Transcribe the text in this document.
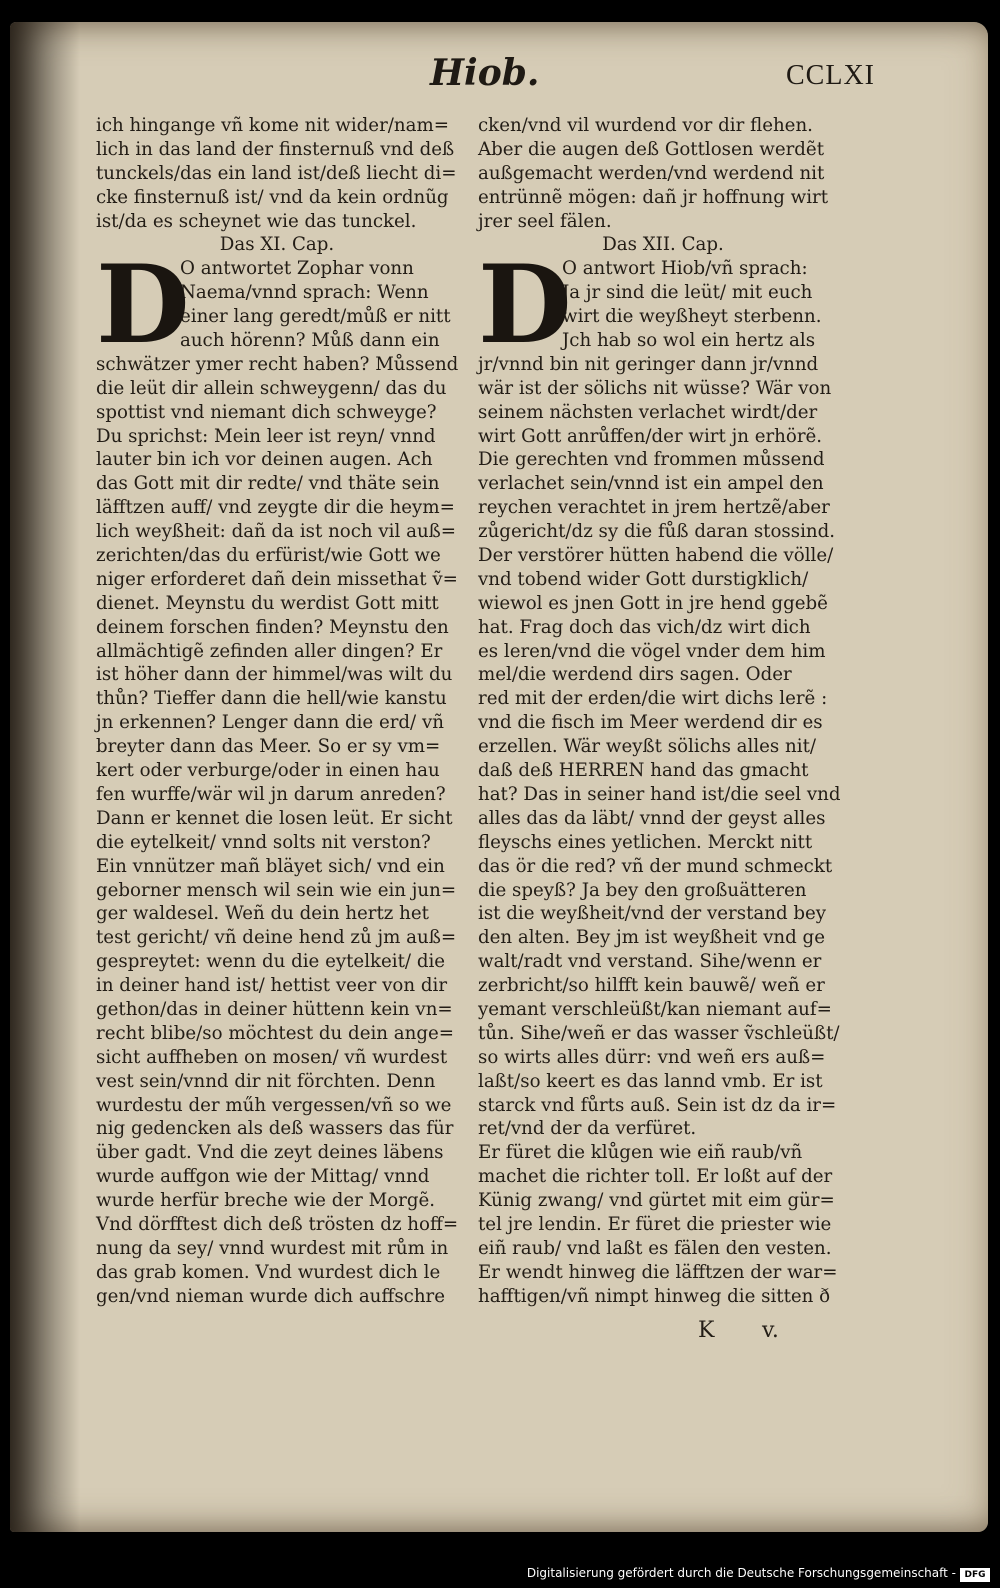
Hiob.	CCLXI
ich hingange vñ kome nit wider/nam=
lich in das land der finsternuß vnd deß
tunckels/das ein land ist/deß liecht di=
cke finsternuß ist/ vnd da kein ordnũg
ist/da es scheynet wie das tunckel.
Das XI. Cap.
D
O antwortet Zophar vonn
Naema/vnnd sprach: Wenn
einer lang geredt/můß er nitt
auch hörenn? Můß dann ein
schwätzer ymer recht haben? Můssend
die leüt dir allein schweygenn/ das du
spottist vnd niemant dich schweyge?
Du sprichst: Mein leer ist reyn/ vnnd
lauter bin ich vor deinen augen. Ach
das Gott mit dir redte/ vnd thäte sein
läfftzen auff/ vnd zeygte dir die heym=
lich weyßheit: dañ da ist noch vil auß=
zerichten/das du erfürist/wie Gott we
niger erforderet dañ dein missethat ṽ=
dienet. Meynstu du werdist Gott mitt
deinem forschen finden? Meynstu den
allmächtigẽ zefinden aller dingen? Er
ist höher dann der himmel/was wilt du
thůn? Tieffer dann die hell/wie kanstu
jn erkennen? Lenger dann die erd/ vñ
breyter dann das Meer. So er sy vm=
kert oder verburge/oder in einen hau
fen wurffe/wär wil jn darum anreden?
Dann er kennet die losen leüt. Er sicht
die eytelkeit/ vnnd solts nit verston?
Ein vnnützer mañ bläyet sich/ vnd ein
geborner mensch wil sein wie ein jun=
ger waldesel. Weñ du dein hertz het
test gericht/ vñ deine hend zů jm auß=
gespreytet: wenn du die eytelkeit/ die
in deiner hand ist/ hettist veer von dir
gethon/das in deiner hüttenn kein vn=
recht blibe/so möchtest du dein ange=
sicht auffheben on mosen/ vñ wurdest
vest sein/vnnd dir nit förchten. Denn
wurdestu der műh vergessen/vñ so we
nig gedencken als deß wassers das für
über gadt. Vnd die zeyt deines läbens
wurde auffgon wie der Mittag/ vnnd
wurde herfür breche wie der Morgẽ.
Vnd dörfftest dich deß trösten dz hoff=
nung da sey/ vnnd wurdest mit rům in
das grab komen. Vnd wurdest dich le
gen/vnd nieman wurde dich auffschre
cken/vnd vil wurdend vor dir flehen.
Aber die augen deß Gottlosen werdẽt
außgemacht werden/vnd werdend nit
entrünnẽ mögen: dañ jr hoffnung wirt
jrer seel fälen.
Das XII. Cap.
D
O antwort Hiob/vñ sprach:
Ja jr sind die leüt/ mit euch
wirt die weyßheyt sterbenn.
Jch hab so wol ein hertz als
jr/vnnd bin nit geringer dann jr/vnnd
wär ist der sölichs nit wüsse? Wär von
seinem nächsten verlachet wirdt/der
wirt Gott anrůffen/der wirt jn erhörẽ.
Die gerechten vnd frommen můssend
verlachet sein/vnnd ist ein ampel den
reychen verachtet in jrem hertzẽ/aber
zůgericht/dz sy die fůß daran stossind.
Der verstörer hütten habend die völle/
vnd tobend wider Gott durstigklich/
wiewol es jnen Gott in jre hend ggebẽ
hat. Frag doch das vich/dz wirt dich
es leren/vnd die vögel vnder dem him
mel/die werdend dirs sagen. Oder
red mit der erden/die wirt dichs lerẽ :
vnd die fisch im Meer werdend dir es
erzellen. Wär weyßt sölichs alles nit/
daß deß HERREN hand das gmacht
hat? Das in seiner hand ist/die seel vnd
alles das da läbt/ vnnd der geyst alles
fleyschs eines yetlichen. Merckt nitt
das ör die red? vñ der mund schmeckt
die speyß? Ja bey den großuätteren
ist die weyßheit/vnd der verstand bey
den alten. Bey jm ist weyßheit vnd ge
walt/radt vnd verstand. Sihe/wenn er
zerbricht/so hilfft kein bauwẽ/ weñ er
yemant verschleüßt/kan niemant auf=
tůn. Sihe/weñ er das wasser ṽschleüßt/
so wirts alles dürr: vnd weñ ers auß=
laßt/so keert es das lannd vmb. Er ist
starck vnd fůrts auß. Sein ist dz da ir=
ret/vnd der da verfüret.
Er füret die klůgen wie eiñ raub/vñ
machet die richter toll. Er loßt auf der
Künig zwang/ vnd gürtet mit eim gür=
tel jre lendin. Er füret die priester wie
eiñ raub/ vnd laßt es fälen den vesten.
Er wendt hinweg die läfftzen der war=
hafftigen/vñ nimpt hinweg die sitten ð
K v.
Digitalisierung gefördert durch die Deutsche Forschungsgemeinschaft - DFG
